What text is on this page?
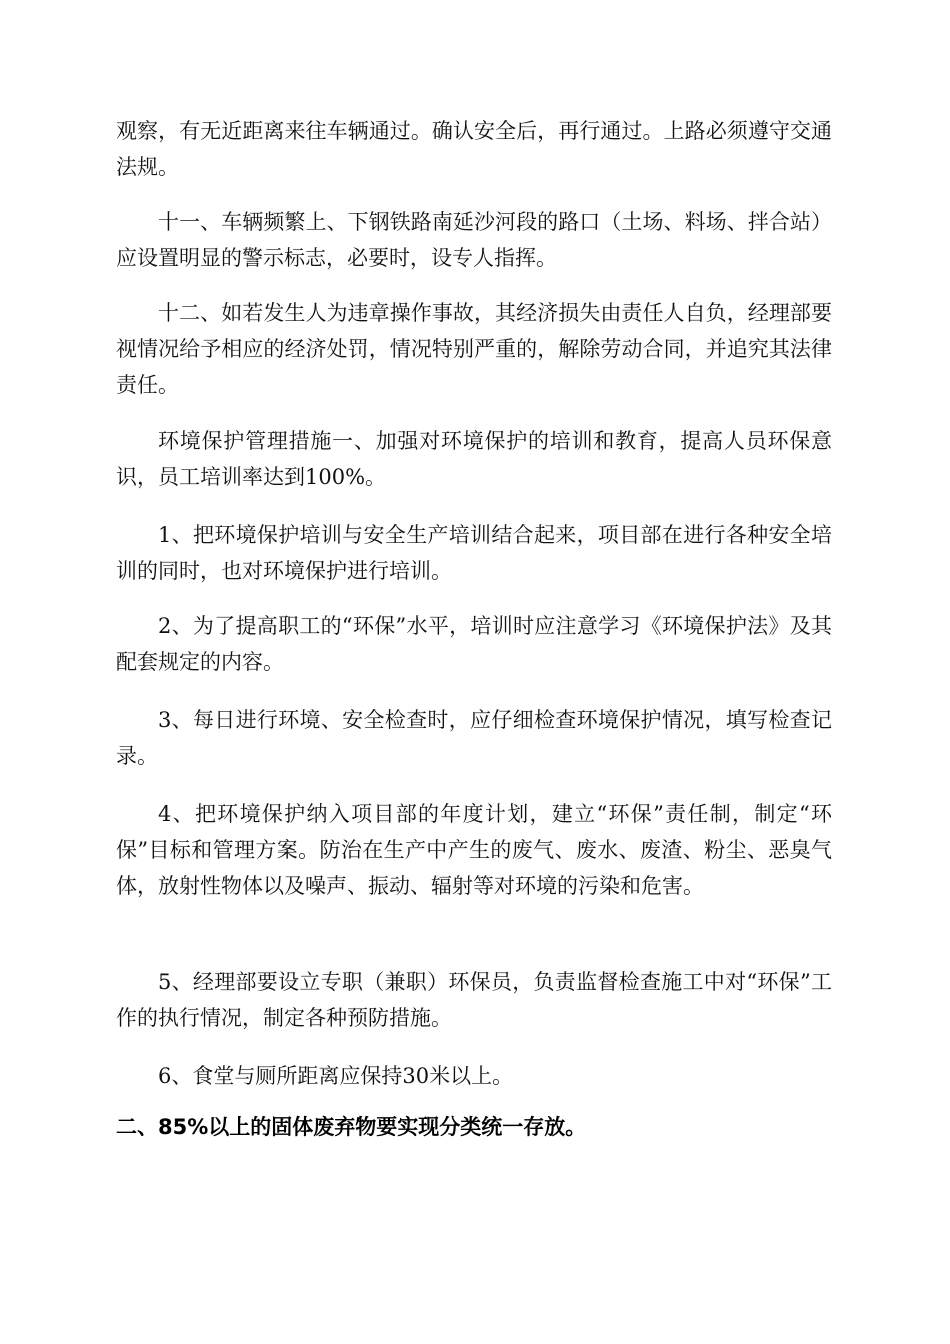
观察，有无近距离来往车辆通过。确认安全后，再行通过。上路必须遵守交通法规。

十一、车辆频繁上、下钢铁路南延沙河段的路口（土场、料场、拌合站）应设置明显的警示标志，必要时，设专人指挥。

十二、如若发生人为违章操作事故，其经济损失由责任人自负，经理部要视情况给予相应的经济处罚，情况特别严重的，解除劳动合同，并追究其法律责任。

环境保护管理措施一、加强对环境保护的培训和教育，提高人员环保意识，员工培训率达到100%。

1、把环境保护培训与安全生产培训结合起来，项目部在进行各种安全培训的同时，也对环境保护进行培训。

2、为了提高职工的“环保”水平，培训时应注意学习《环境保护法》及其配套规定的内容。

3、每日进行环境、安全检查时，应仔细检查环境保护情况，填写检查记录。

4、把环境保护纳入项目部的年度计划，建立“环保”责任制，制定“环保”目标和管理方案。防治在生产中产生的废气、废水、废渣、粉尘、恶臭气体，放射性物体以及噪声、振动、辐射等对环境的污染和危害。

5、经理部要设立专职（兼职）环保员，负责监督检查施工中对“环保”工作的执行情况，制定各种预防措施。

6、食堂与厕所距离应保持30米以上。

二、85%以上的固体废弃物要实现分类统一存放。
